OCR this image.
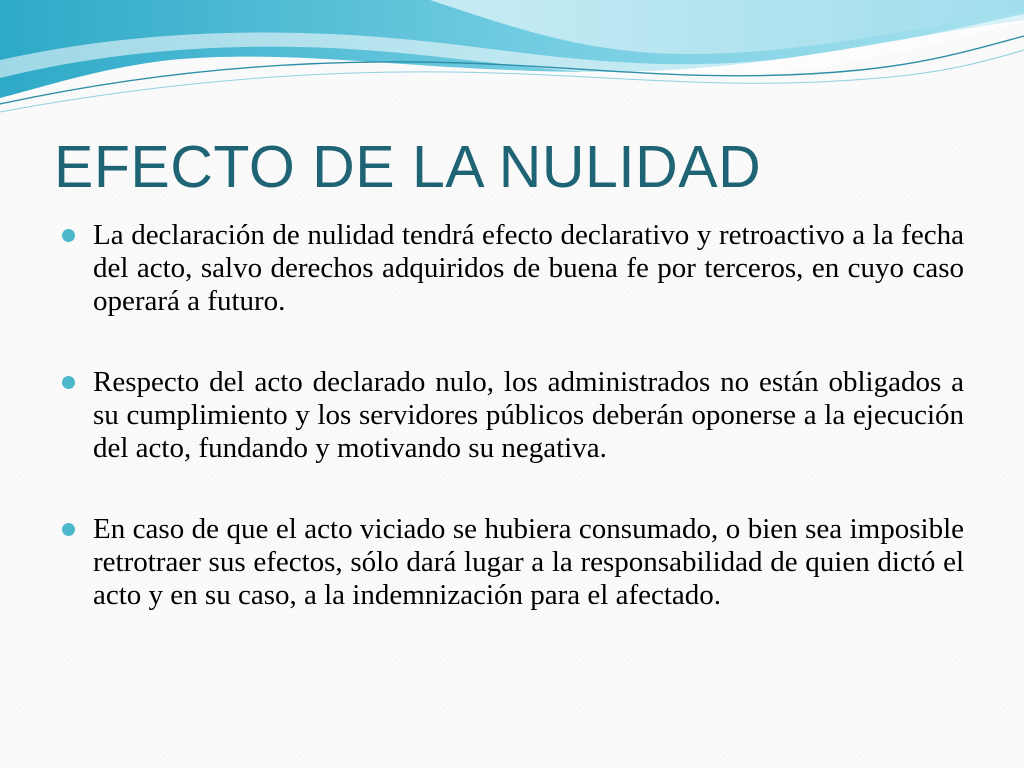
EFECTO DE LA NULIDAD
La declaración de nulidad tendrá efecto declarativo y retroactivo a la fecha del acto, salvo derechos adquiridos de buena fe por terceros, en cuyo caso operará a futuro.
Respecto del acto declarado nulo, los administrados no están obligados a su cumplimiento y los servidores públicos deberán oponerse a la ejecución del acto, fundando y motivando su negativa.
En caso de que el acto viciado se hubiera consumado, o bien sea imposible retrotraer sus efectos, sólo dará lugar a la responsabilidad de quien dictó el acto y en su caso, a la indemnización para el afectado.
